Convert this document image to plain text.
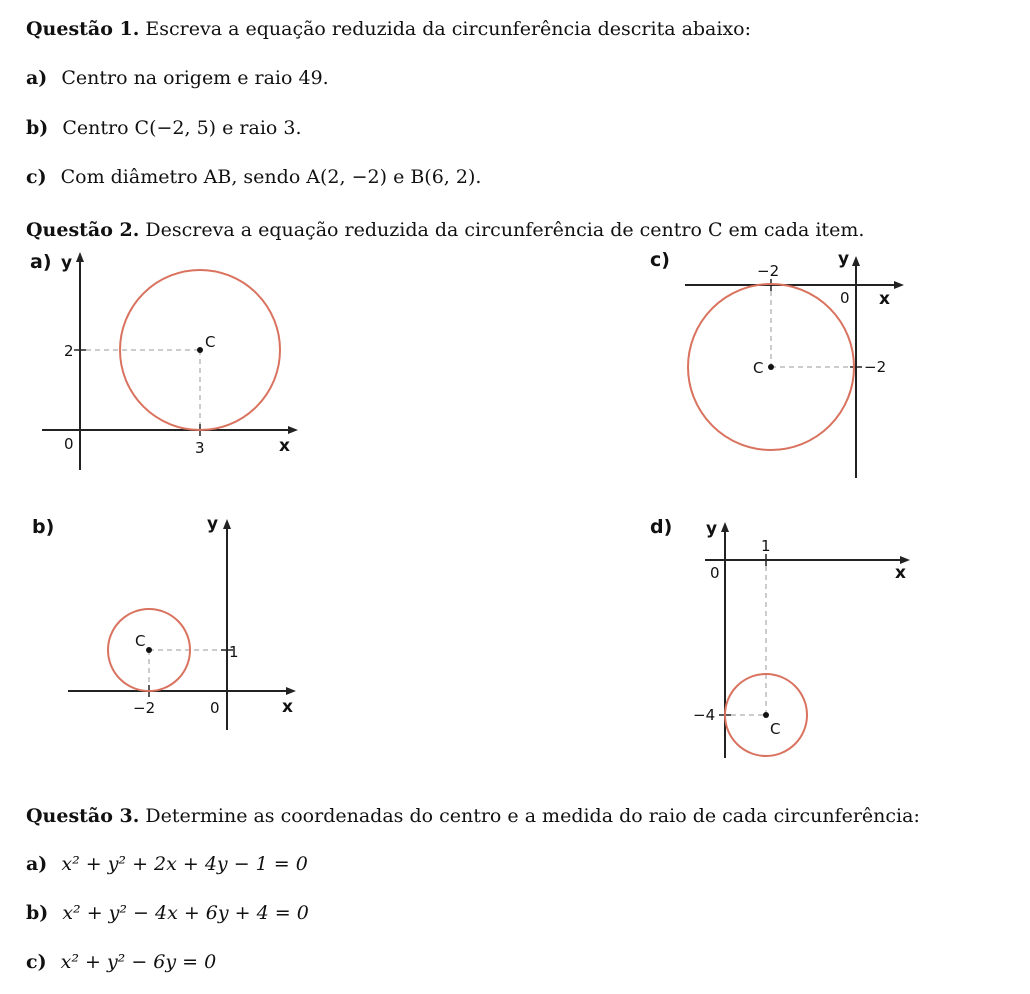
Questão 1. Escreva a equação reduzida da circunferência descrita abaixo:
a) Centro na origem e raio 49.
b) Centro C(−2, 5) e raio 3.
c) Com diâmetro AB, sendo A(2, −2) e B(6, 2).
Questão 2. Descreva a equação reduzida da circunferência de centro C em cada item.
a) y
x
0
2
3
C
c)	y
x
0
−2
−2
C
b)	y
x
0
1
−2
C
d) y
x
0
1
−4
C
Questão 3. Determine as coordenadas do centro e a medida do raio de cada circunferência:
a) x² + y² + 2x + 4y − 1 = 0
b) x² + y² − 4x + 6y + 4 = 0
c) x² + y² − 6y = 0
